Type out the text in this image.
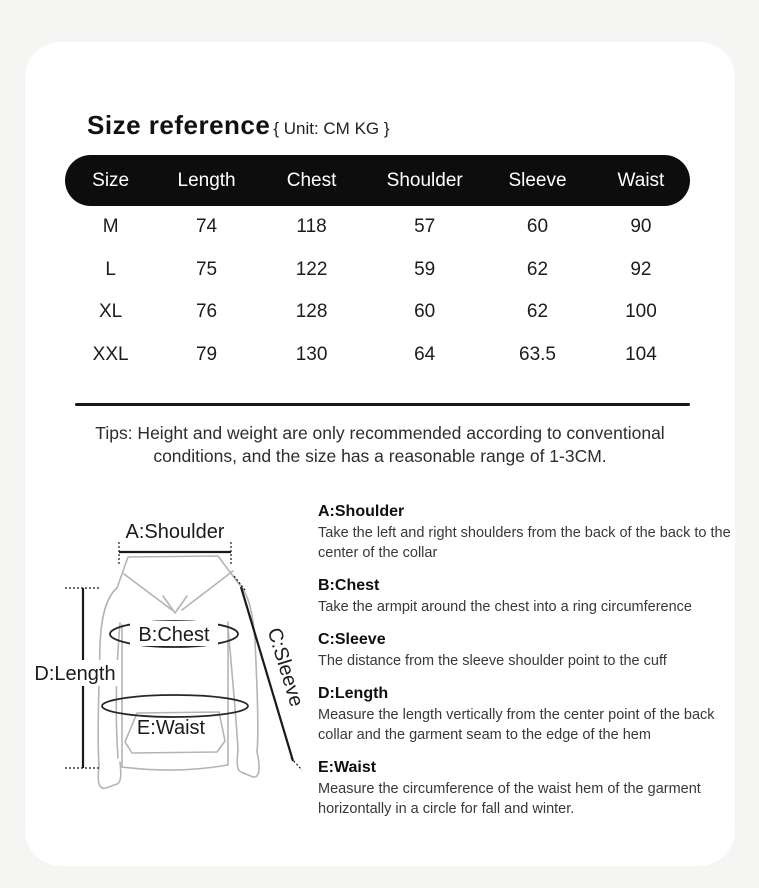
Size reference { Unit: CM KG }
Size	Length	Chest	Shoulder	Sleeve	Waist
M	74	118	57	60	90
L	75	122	59	62	92
XL	76	128	60	62	100
XXL	79	130	64	63.5	104
Tips: Height and weight are only recommended according to conventional
conditions, and the size has a reasonable range of 1-3CM.
A:Shoulder
B:Chest
D:Length
E:Waist
C:Sleeve
A:Shoulder
Take the left and right shoulders from the back of the back to the center of the collar
B:Chest
Take the armpit around the chest into a ring circumference
C:Sleeve
The distance from the sleeve shoulder point to the cuff
D:Length
Measure the length vertically from the center point of the back collar and the garment seam to the edge of the hem
E:Waist
Measure the circumference of the waist hem of the garment horizontally in a circle for fall and winter.
